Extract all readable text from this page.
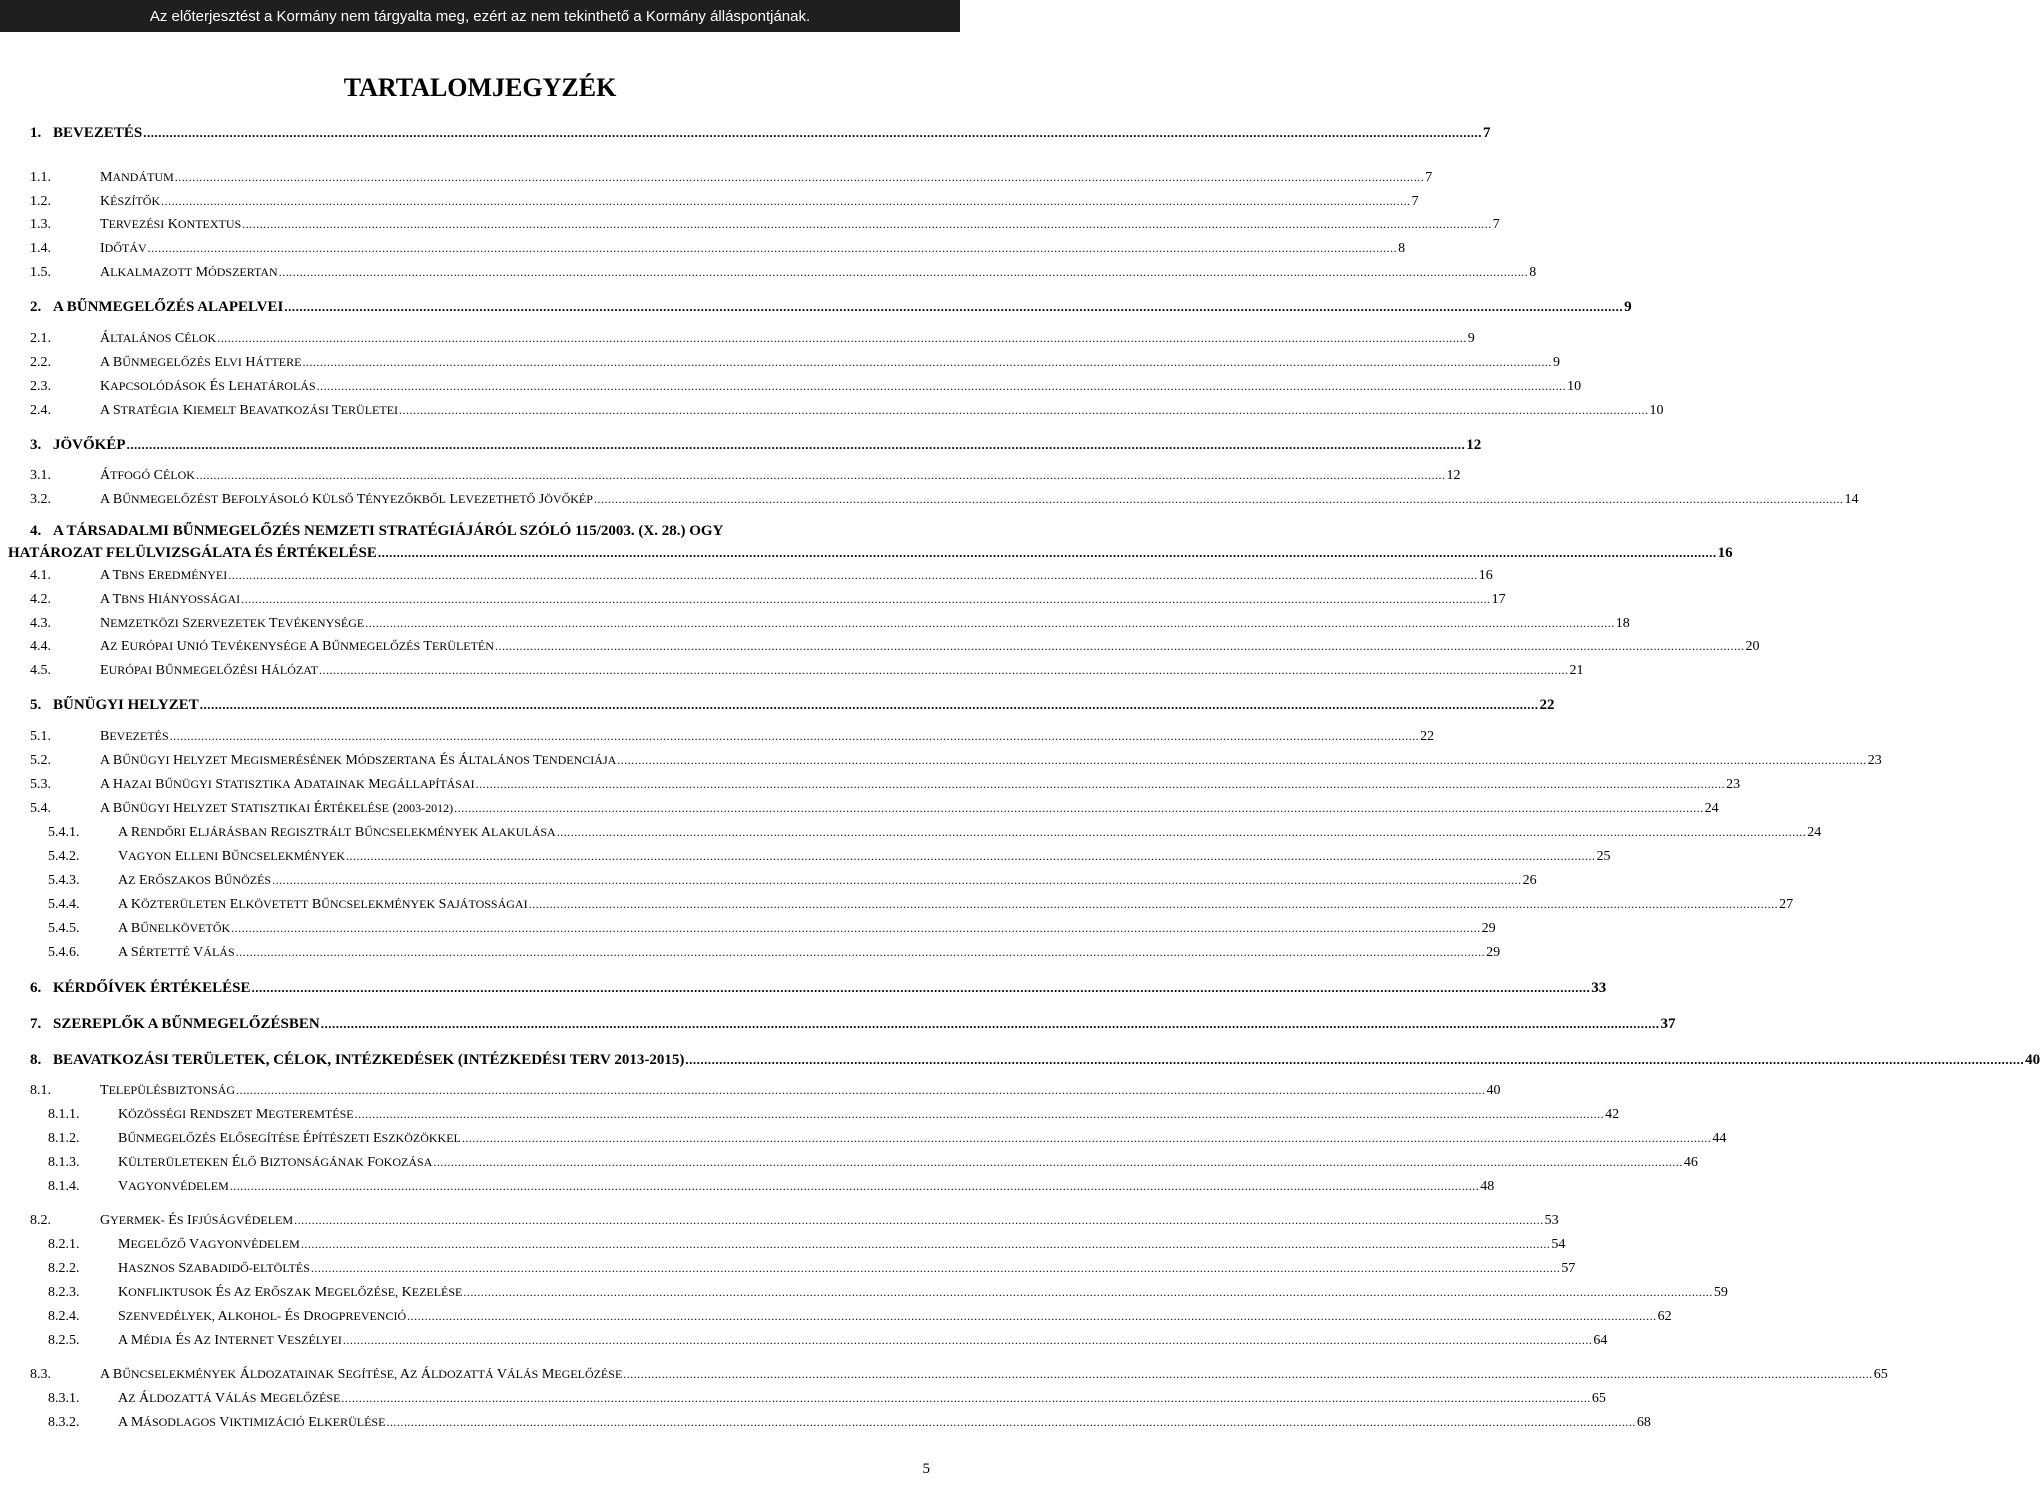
Az előterjesztést a Kormány nem tárgyalta meg, ezért az nem tekinthető a Kormány álláspontjának.
TARTALOMJEGYZÉK
1. BEVEZETÉS .....	7
1.1.	MANDÁTUM .....	7
1.2.	KÉSZÍTŐK .....	7
1.3.	TERVEZÉSI KONTEXTUS .....	7
1.4.	IDŐTÁV .....	8
1.5.	ALKALMAZOTT MÓDSZERTAN .....	8
2. A BŰNMEGELŐZÉS ALAPELVEI .....	9
2.1.	ÁLTALÁNOS CÉLOK .....	9
2.2.	A BŰNMEGELŐZÉS ELVI HÁTTERE .....	9
2.3.	KAPCSOLÓDÁSOK ÉS LEHATÁROLÁS .....	10
2.4.	A STRATÉGIA KIEMELT BEAVATKOZÁSI TERÜLETEI .....	10
3. JÖVŐKÉP .....	12
3.1.	ÁTFOGÓ CÉLOK .....	12
3.2.	A BŰNMEGELŐZÉST BEFOLYÁSOLÓ KÜLSŐ TÉNYEZŐKBŐL LEVEZETHETŐ JÖVŐKÉP .....	14
4. A TÁRSADALMI BŰNMEGELŐZÉS NEMZETI STRATÉGIÁJÁRÓL SZÓLÓ 115/2003. (X. 28.) OGY
HATÁROZAT FELÜLVIZSGÁLATA ÉS ÉRTÉKELÉSE .....	16
4.1.	A TBNS EREDMÉNYEI .....	16
4.2.	A TBNS HIÁNYOSSÁGAI .....	17
4.3.	NEMZETKÖZI SZERVEZETEK TEVÉKENYSÉGE .....	18
4.4.	AZ EURÓPAI UNIÓ TEVÉKENYSÉGE A BŰNMEGELŐZÉS TERÜLETÉN .....	20
4.5.	EURÓPAI BŰNMEGELŐZÉSI HÁLÓZAT .....	21
5. BŰNÜGYI HELYZET .....	22
5.1.	BEVEZETÉS .....	22
5.2.	A BŰNÜGYI HELYZET MEGISMERÉSÉNEK MÓDSZERTANA ÉS ÁLTALÁNOS TENDENCIÁJA .....	23
5.3.	A HAZAI BŰNÜGYI STATISZTIKA ADATAINAK MEGÁLLAPÍTÁSAI .....	23
5.4.	A BŰNÜGYI HELYZET STATISZTIKAI ÉRTÉKELÉSE (2003-2012) .....	24
5.4.1.	A RENDŐRI ELJÁRÁSBAN REGISZTRÁLT BŰNCSELEKMÉNYEK ALAKULÁSA .....	24
5.4.2.	VAGYON ELLENI BŰNCSELEKMÉNYEK .....	25
5.4.3.	AZ ERŐSZAKOS BŰNÖZÉS .....	26
5.4.4.	A KÖZTERÜLETEN ELKÖVETETT BŰNCSELEKMÉNYEK SAJÁTOSSÁGAI .....	27
5.4.5.	A BŰNELKÖVETŐK .....	29
5.4.6.	A SÉRTETTÉ VÁLÁS .....	29
6. KÉRDŐÍVEK ÉRTÉKELÉSE .....	33
7. SZEREPLŐK A BŰNMEGELŐZÉSBEN .....	37
8. BEAVATKOZÁSI TERÜLETEK, CÉLOK, INTÉZKEDÉSEK (INTÉZKEDÉSI TERV 2013-2015) .....	40
8.1.	TELEPÜLÉSBIZTONSÁG .....	40
8.1.1.	KÖZÖSSÉGI RENDSZET MEGTEREMTÉSE .....	42
8.1.2.	BŰNMEGELŐZÉS ELŐSEGÍTÉSE ÉPÍTÉSZETI ESZKÖZÖKKEL .....	44
8.1.3.	KÜLTERÜLETEKEN ÉLŐ BIZTONSÁGÁNAK FOKOZÁSA .....	46
8.1.4.	VAGYONVÉDELEM .....	48
8.2.	GYERMEK- ÉS IFJÚSÁGVÉDELEM .....	53
8.2.1.	MEGELŐZŐ VAGYONVÉDELEM .....	54
8.2.2.	HASZNOS SZABADIDŐ-ELTÖLTÉS .....	57
8.2.3.	KONFLIKTUSOK ÉS AZ ERŐSZAK MEGELŐZÉSE, KEZELÉSE .....	59
8.2.4.	SZENVEDÉLYEK, ALKOHOL- ÉS DROGPREVENCIÓ .....	62
8.2.5.	A MÉDIA ÉS AZ INTERNET VESZÉLYEI .....	64
8.3.	A BŰNCSELEKMÉNYEK ÁLDOZATAINAK SEGÍTÉSE, AZ ÁLDOZATTÁ VÁLÁS MEGELŐZÉSE .....	65
8.3.1.	AZ ÁLDOZATTÁ VÁLÁS MEGELŐZÉSE .....	65
8.3.2.	A MÁSODLAGOS VIKTIMIZÁCIÓ ELKERÜLÉSE .....	68
5
